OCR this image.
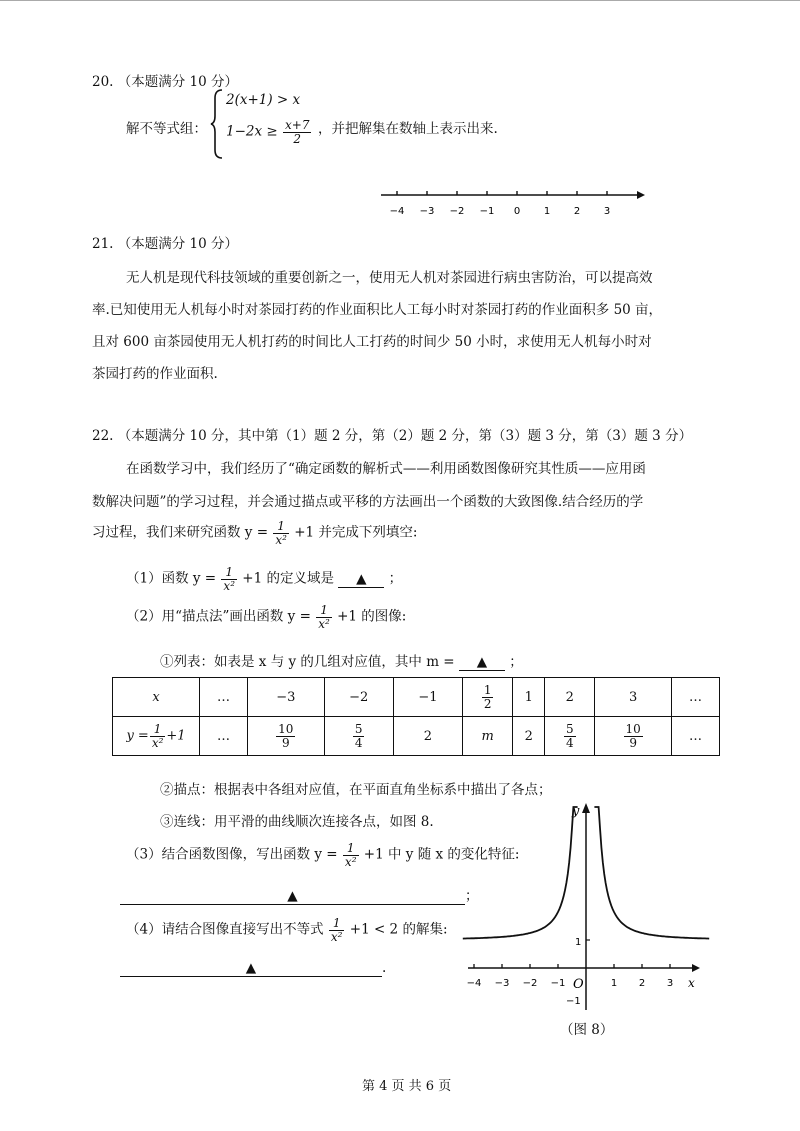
20. （本题满分 10 分）
解不等式组：
2(x+1) > x
$1-2x \ge \frac{x+7}{2}$ ，并把解集在数轴上表示出来.
−4 −3 −2 −1 0 1 2 3
21. （本题满分 10 分）
无人机是现代科技领域的重要创新之一，使用无人机对茶园进行病虫害防治，可以提高效
率.已知使用无人机每小时对茶园打药的作业面积比人工每小时对茶园打药的作业面积多 50 亩，
且对 600 亩茶园使用无人机打药的时间比人工打药的时间少 50 小时，求使用无人机每小时对
茶园打药的作业面积.
22. （本题满分 10 分，其中第（1）题 2 分，第（2）题 2 分，第（3）题 3 分，第（3）题 3 分）
在函数学习中，我们经历了“确定函数的解析式——利用函数图像研究其性质——应用函
数解决问题”的学习过程，并会通过描点或平移的方法画出一个函数的大致图像.结合经历的学
习过程，我们来研究函数 $y = \frac{1}{\text{x²}} +1$ 并完成下列填空:
（1）函数 $y = \frac{1}{\text{x²}} +1$ 的定义域是 ▲ ；
（2）用“描点法”画出函数 $y = \frac{1}{\text{x²}} +1$ 的图像:
①列表：如表是 x 与 y 的几组对应值，其中 m = ▲ ；
x	…	−3	−2	−1	$\frac{1}{2}$	1	2	3	…
$y = \frac{1}{\text{x²}} +1$	…	$\frac{10}{9}$	$\frac{5}{4}$	2	m	2	$\frac{5}{4}$	$\frac{10}{9}$	…
②描点：根据表中各组对应值，在平面直角坐标系中描出了各点；
③连线：用平滑的曲线顺次连接各点，如图 8.
（3）结合函数图像，写出函数 $y = \frac{1}{\text{x²}} +1$ 中 y 随 x 的变化特征:
▲	；
（4）请结合图像直接写出不等式 $\frac{1}{\text{x²}} +1 < 2$ 的解集:
▲	.
y
x
O
−4 −3 −2 −1	1 2 3
1
−1
（图 8）
第 4 页 共 6 页
